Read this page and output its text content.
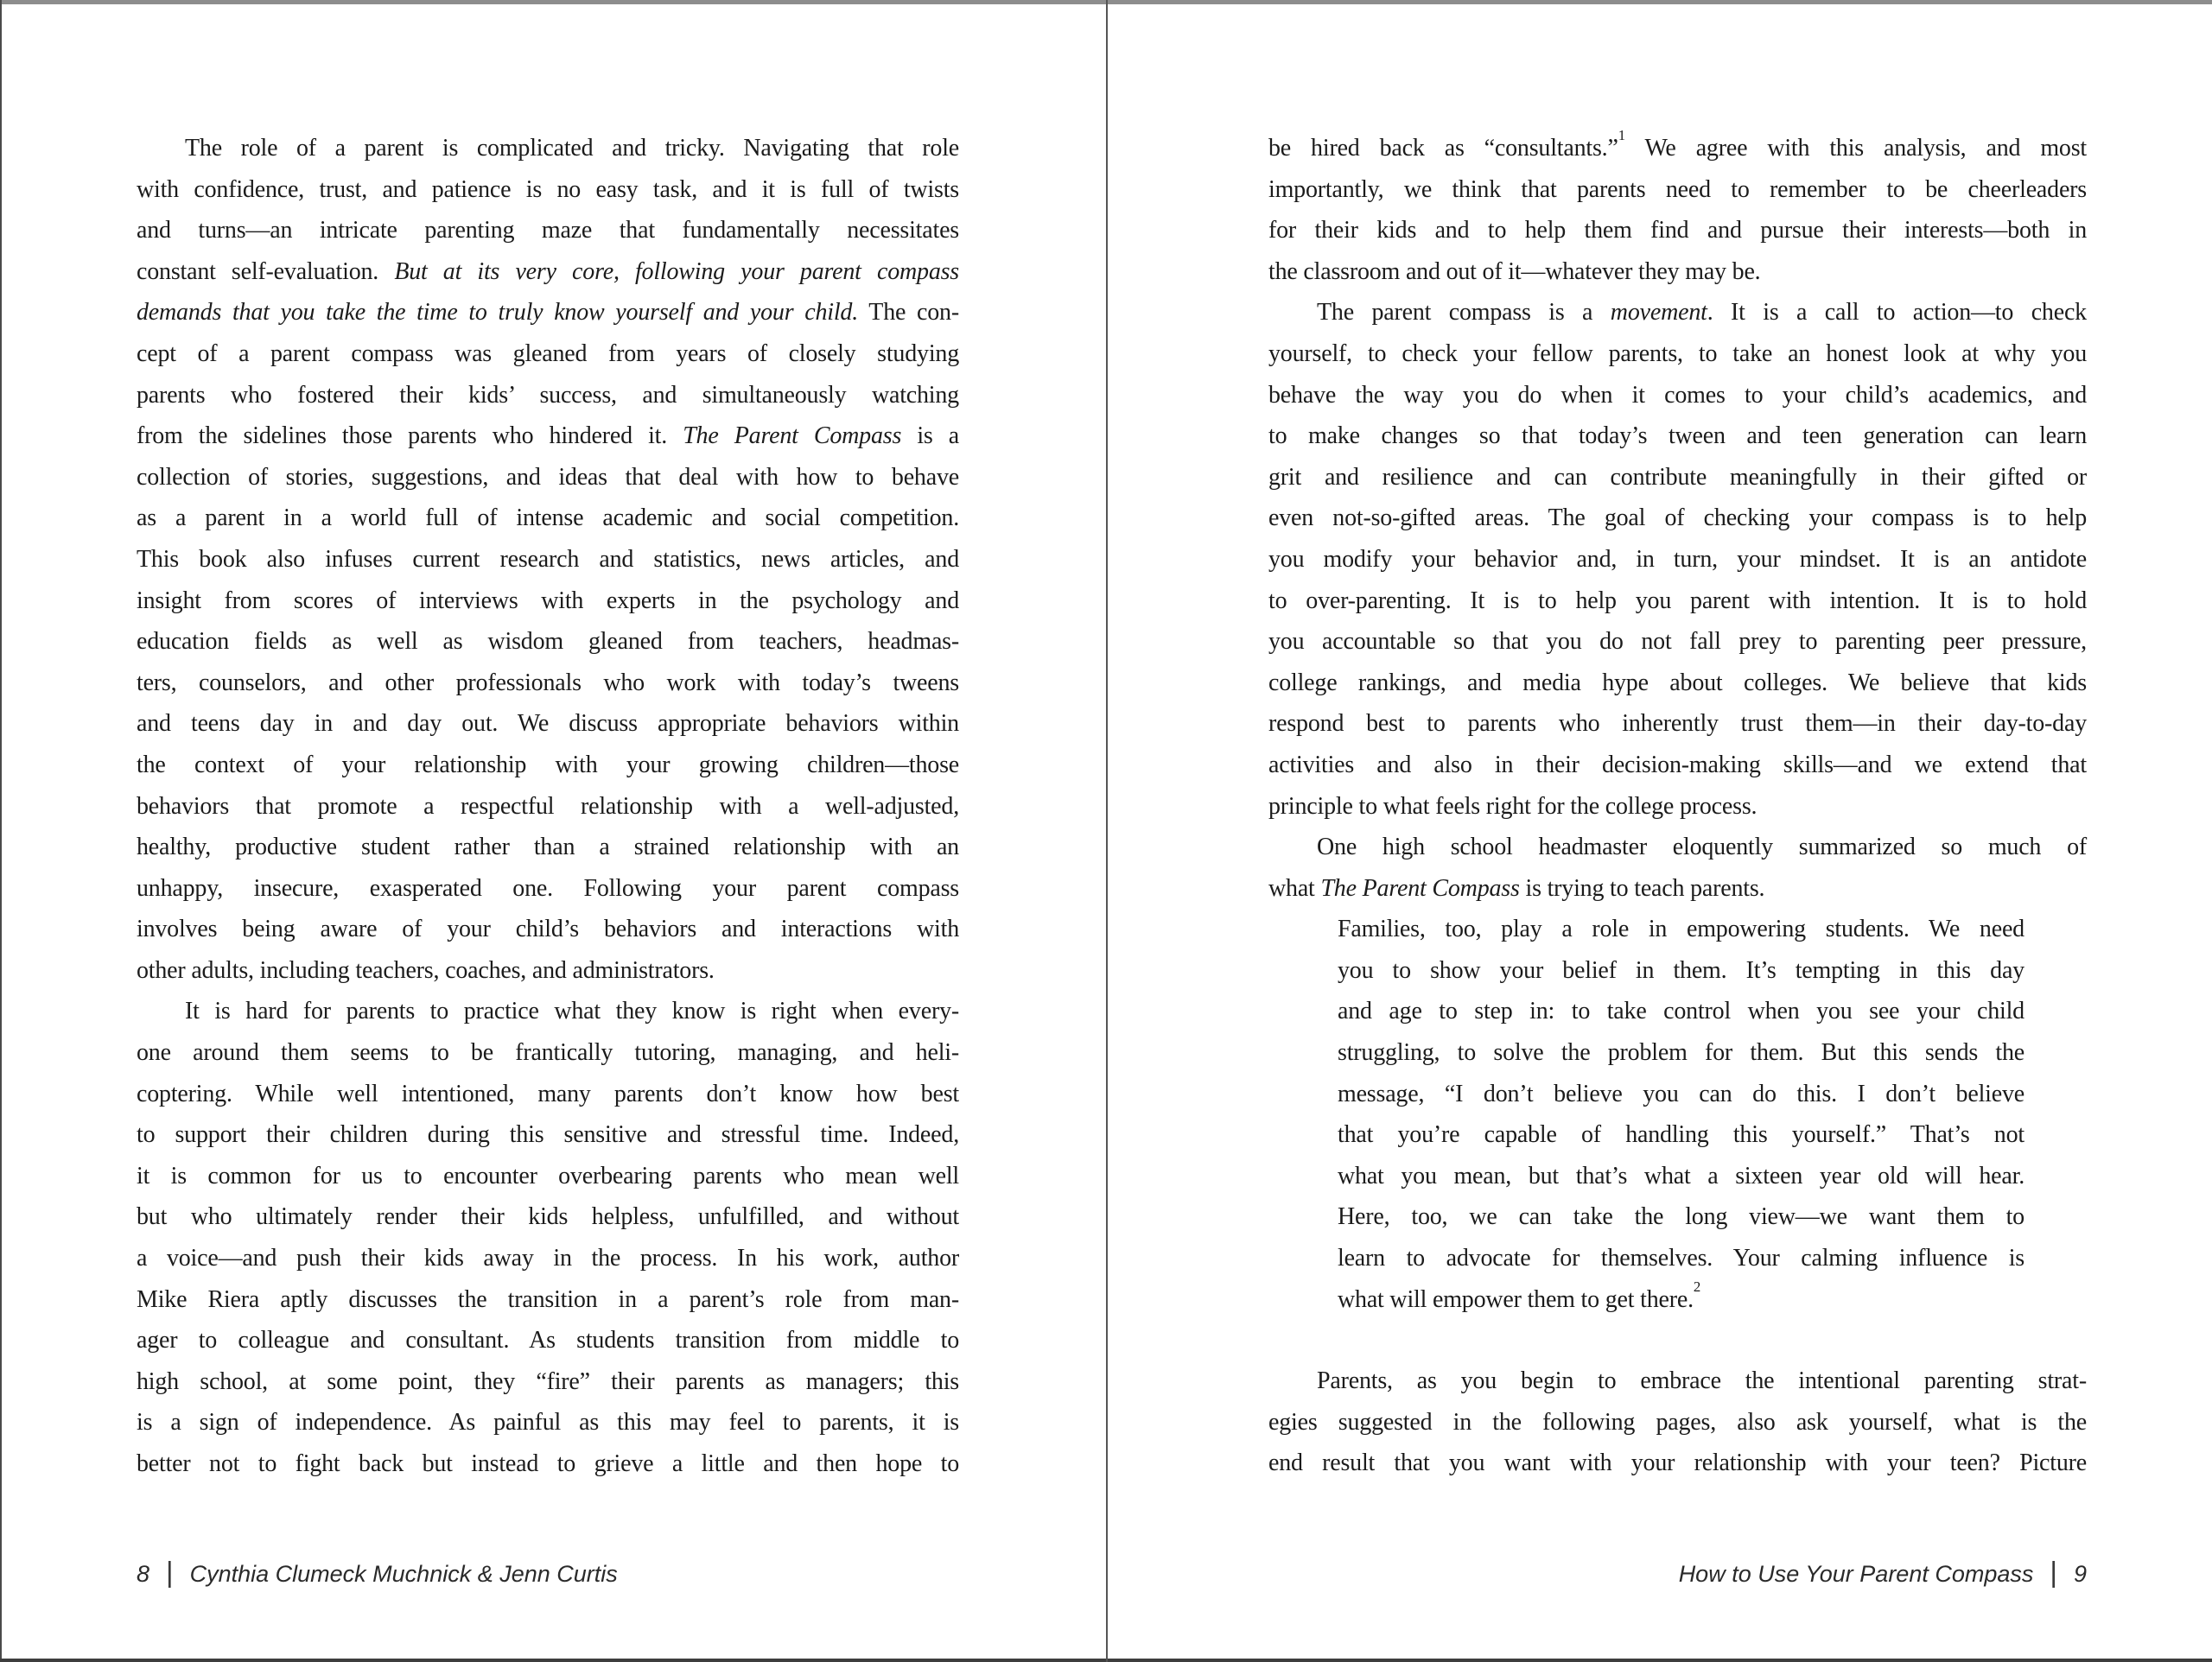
The role of a parent is complicated and tricky. Navigating that role
with confidence, trust, and patience is no easy task, and it is full of twists
and turns—an intricate parenting maze that fundamentally necessitates
constant self-evaluation. But at its very core, following your parent compass
demands that you take the time to truly know yourself and your child. The con-
cept of a parent compass was gleaned from years of closely studying
parents who fostered their kids’ success, and simultaneously watching
from the sidelines those parents who hindered it. The Parent Compass is a
collection of stories, suggestions, and ideas that deal with how to behave
as a parent in a world full of intense academic and social competition.
This book also infuses current research and statistics, news articles, and
insight from scores of interviews with experts in the psychology and
education fields as well as wisdom gleaned from teachers, headmas-
ters, counselors, and other professionals who work with today’s tweens
and teens day in and day out. We discuss appropriate behaviors within
the context of your relationship with your growing children—those
behaviors that promote a respectful relationship with a well-adjusted,
healthy, productive student rather than a strained relationship with an
unhappy, insecure, exasperated one. Following your parent compass
involves being aware of your child’s behaviors and interactions with
other adults, including teachers, coaches, and administrators.
It is hard for parents to practice what they know is right when every-
one around them seems to be frantically tutoring, managing, and heli-
coptering. While well intentioned, many parents don’t know how best
to support their children during this sensitive and stressful time. Indeed,
it is common for us to encounter overbearing parents who mean well
but who ultimately render their kids helpless, unfulfilled, and without
a voice—and push their kids away in the process. In his work, author
Mike Riera aptly discusses the transition in a parent’s role from man-
ager to colleague and consultant. As students transition from middle to
high school, at some point, they “fire” their parents as managers; this
is a sign of independence. As painful as this may feel to parents, it is
better not to fight back but instead to grieve a little and then hope to
8 | Cynthia Clumeck Muchnick & Jenn Curtis
be hired back as “consultants.”$^1$ We agree with this analysis, and most
importantly, we think that parents need to remember to be cheerleaders
for their kids and to help them find and pursue their interests—both in
the classroom and out of it—whatever they may be.
The parent compass is a movement. It is a call to action—to check
yourself, to check your fellow parents, to take an honest look at why you
behave the way you do when it comes to your child’s academics, and
to make changes so that today’s tween and teen generation can learn
grit and resilience and can contribute meaningfully in their gifted or
even not-so-gifted areas. The goal of checking your compass is to help
you modify your behavior and, in turn, your mindset. It is an antidote
to over-parenting. It is to help you parent with intention. It is to hold
you accountable so that you do not fall prey to parenting peer pressure,
college rankings, and media hype about colleges. We believe that kids
respond best to parents who inherently trust them—in their day-to-day
activities and also in their decision-making skills—and we extend that
principle to what feels right for the college process.
One high school headmaster eloquently summarized so much of
what The Parent Compass is trying to teach parents.
Families, too, play a role in empowering students. We need
you to show your belief in them. It’s tempting in this day
and age to step in: to take control when you see your child
struggling, to solve the problem for them. But this sends the
message, “I don’t believe you can do this. I don’t believe
that you’re capable of handling this yourself.” That’s not
what you mean, but that’s what a sixteen year old will hear.
Here, too, we can take the long view—we want them to
learn to advocate for themselves. Your calming influence is
what will empower them to get there.$^2$
Parents, as you begin to embrace the intentional parenting strat-
egies suggested in the following pages, also ask yourself, what is the
end result that you want with your relationship with your teen? Picture
How to Use Your Parent Compass | 9
